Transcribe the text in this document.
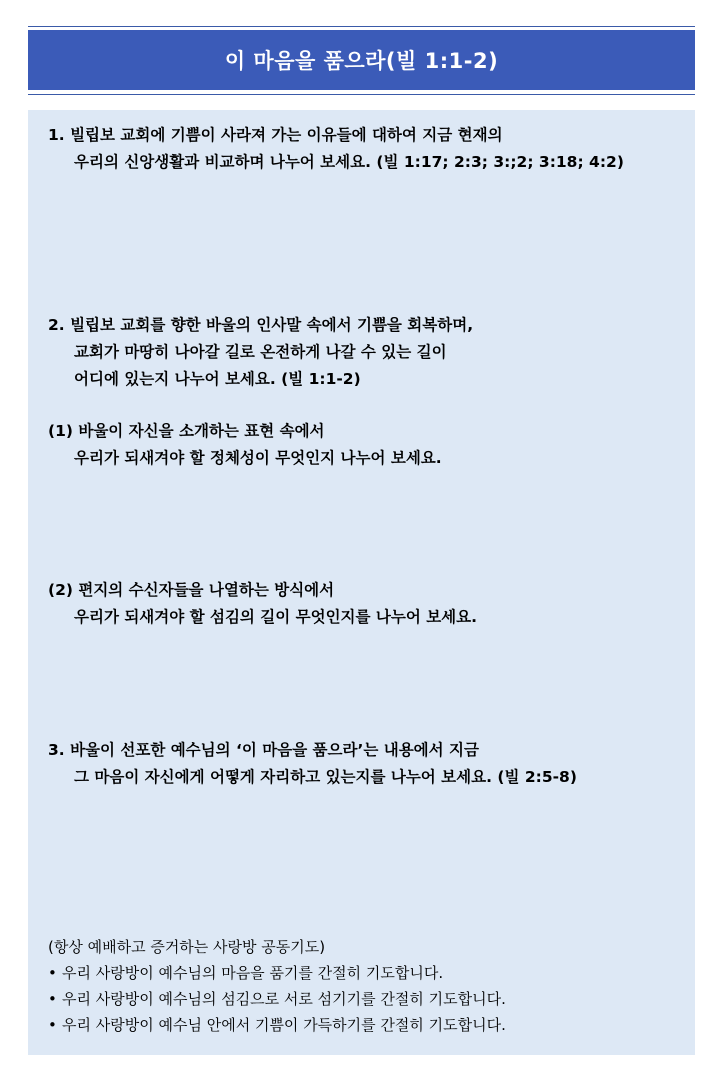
이 마음을 품으라(빌 1:1-2)
1. 빌립보 교회에 기쁨이 사라져 가는 이유들에 대하여 지금 현재의
우리의 신앙생활과 비교하며 나누어 보세요. (빌 1:17; 2:3; 3:;2; 3:18; 4:2)
2. 빌립보 교회를 향한 바울의 인사말 속에서 기쁨을 회복하며,
교회가 마땅히 나아갈 길로 온전하게 나갈 수 있는 길이
어디에 있는지 나누어 보세요. (빌 1:1-2)
(1) 바울이 자신을 소개하는 표현 속에서
우리가 되새겨야 할 정체성이 무엇인지 나누어 보세요.
(2) 편지의 수신자들을 나열하는 방식에서
우리가 되새겨야 할 섬김의 길이 무엇인지를 나누어 보세요.
3. 바울이 선포한 예수님의 ‘이 마음을 품으라’는 내용에서 지금
그 마음이 자신에게 어떻게 자리하고 있는지를 나누어 보세요. (빌 2:5-8)
(항상 예배하고 증거하는 사랑방 공동기도)
• 우리 사랑방이 예수님의 마음을 품기를 간절히 기도합니다.
• 우리 사랑방이 예수님의 섬김으로 서로 섬기기를 간절히 기도합니다.
• 우리 사랑방이 예수님 안에서 기쁨이 가득하기를 간절히 기도합니다.
